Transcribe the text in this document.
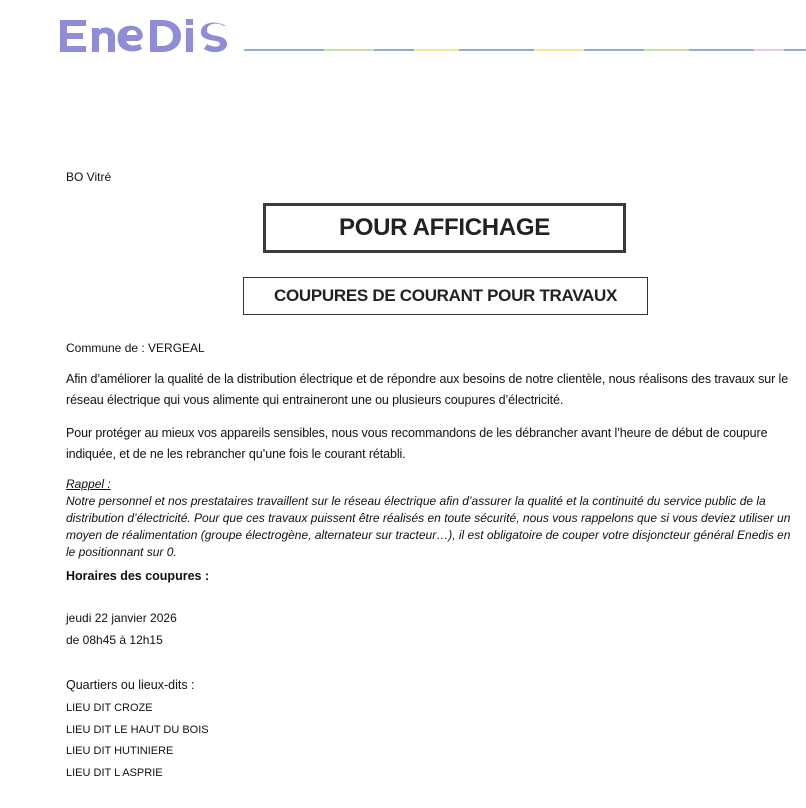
BO Vitré
POUR AFFICHAGE
COUPURES DE COURANT POUR TRAVAUX
Commune de : VERGEAL
Afin d’améliorer la qualité de la distribution électrique et de répondre aux besoins de notre clientèle, nous réalisons des travaux sur le réseau électrique qui vous alimente qui entraineront une ou plusieurs coupures d’électricité.
Pour protéger au mieux vos appareils sensibles, nous vous recommandons de les débrancher avant l’heure de début de coupure indiquée, et de ne les rebrancher qu’une fois le courant rétabli.
Rappel :
Notre personnel et nos prestataires travaillent sur le réseau électrique afin d’assurer la qualité et la continuité du service public de la distribution d’électricité. Pour que ces travaux puissent être réalisés en toute sécurité, nous vous rappelons que si vous deviez utiliser un moyen de réalimentation (groupe électrogène, alternateur sur tracteur…), il est obligatoire de couper votre disjoncteur général Enedis en le positionnant sur 0.
Horaires des coupures :
jeudi 22 janvier 2026
de 08h45 à 12h15
Quartiers ou lieux-dits :
LIEU DIT CROZE
LIEU DIT LE HAUT DU BOIS
LIEU DIT HUTINIERE
LIEU DIT L ASPRIE
